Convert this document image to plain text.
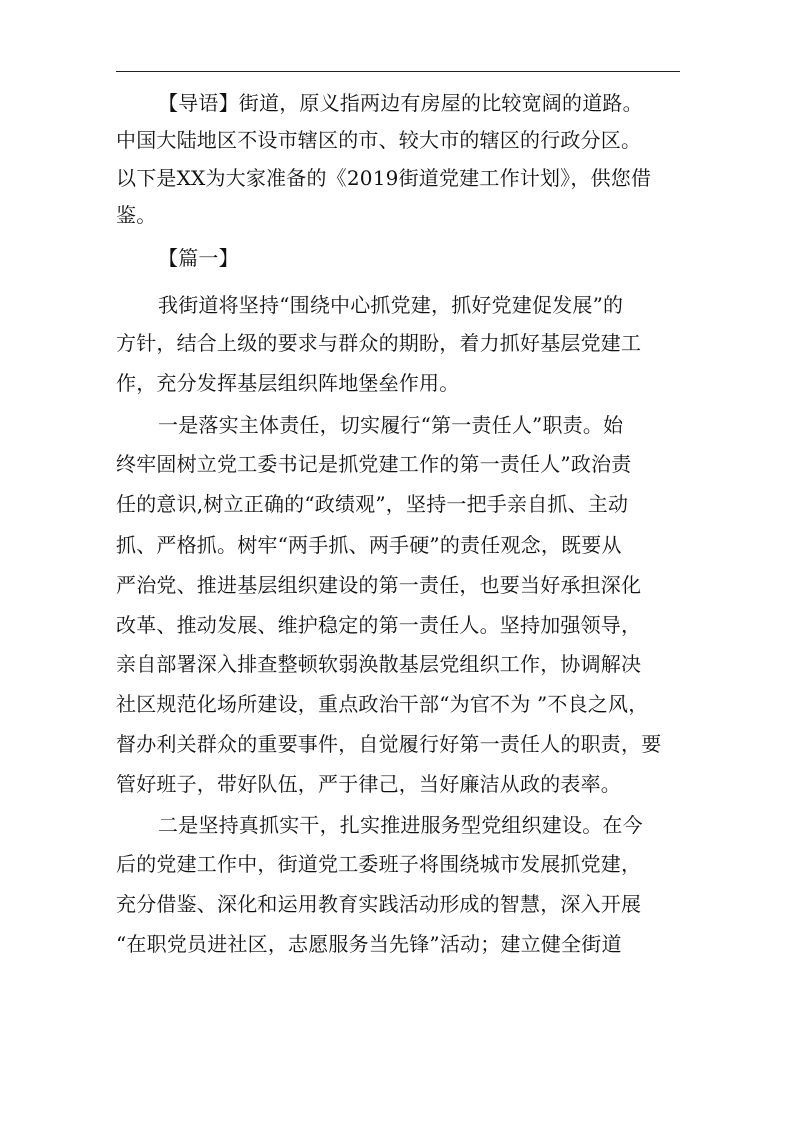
【导语】街道，原义指两边有房屋的比较宽阔的道路。
中国大陆地区不设市辖区的市、较大市的辖区的行政分区。
以下是XX为大家准备的《2019街道党建工作计划》，供您借
鉴。
【篇一】
我街道将坚持“围绕中心抓党建，抓好党建促发展”的
方针，结合上级的要求与群众的期盼，着力抓好基层党建工
作，充分发挥基层组织阵地堡垒作用。
一是落实主体责任，切实履行“第一责任人”职责。始
终牢固树立党工委书记是抓党建工作的第一责任人”政治责
任的意识,树立正确的“政绩观”，坚持一把手亲自抓、主动
抓、严格抓。树牢“两手抓、两手硬”的责任观念，既要从
严治党、推进基层组织建设的第一责任，也要当好承担深化
改革、推动发展、维护稳定的第一责任人。坚持加强领导，
亲自部署深入排查整顿软弱涣散基层党组织工作，协调解决
社区规范化场所建设，重点政治干部“为官不为 ”不良之风，
督办利关群众的重要事件，自觉履行好第一责任人的职责，要
管好班子，带好队伍，严于律己，当好廉洁从政的表率。
二是坚持真抓实干，扎实推进服务型党组织建设。在今
后的党建工作中，街道党工委班子将围绕城市发展抓党建，
充分借鉴、深化和运用教育实践活动形成的智慧，深入开展
“在职党员进社区，志愿服务当先锋”活动；建立健全街道
